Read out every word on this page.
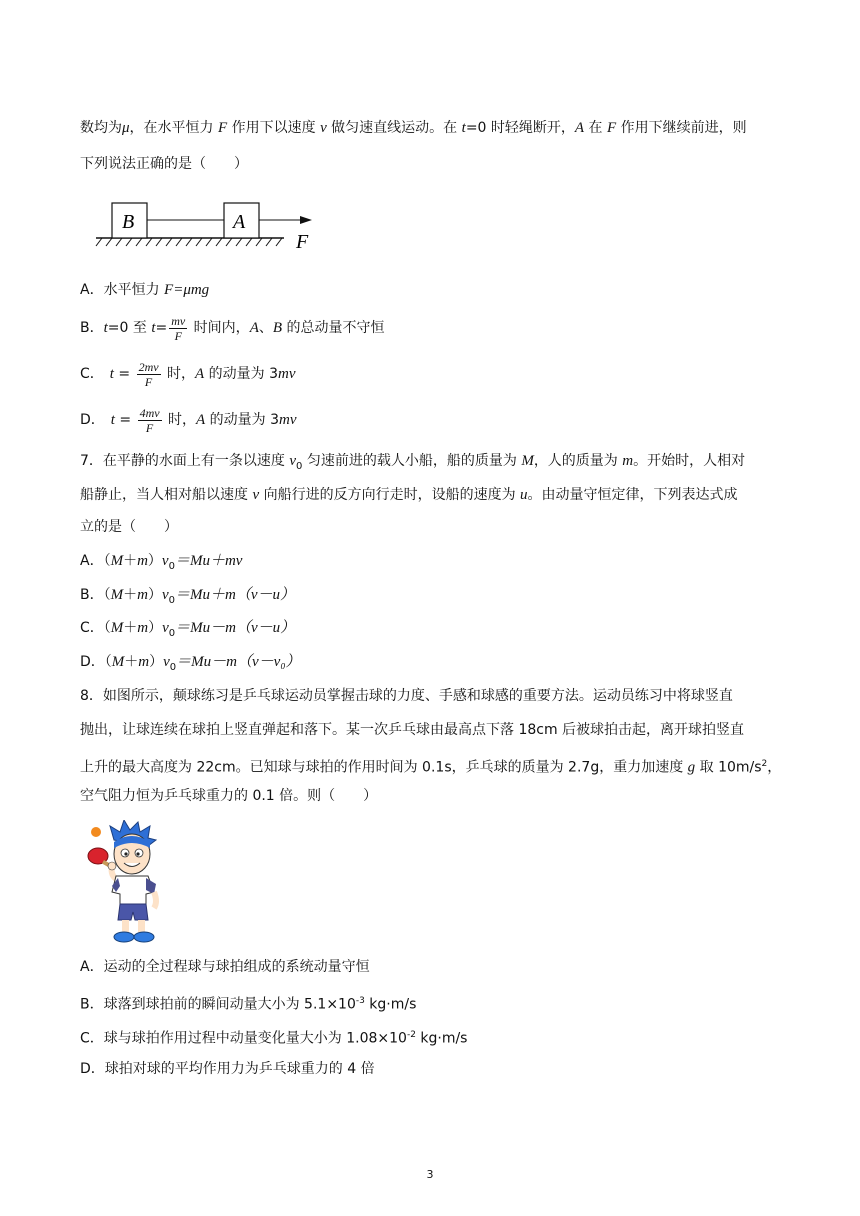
数均为μ，在水平恒力 F 作用下以速度 v 做匀速直线运动。在 t=0 时轻绳断开，A 在 F 作用下继续前进，则
下列说法正确的是（　　）
B	A
F
A．水平恒力 F=μmg
B．t=0 至 $t= \frac{mv}{F}$ 时间内，A、B 的总动量不守恒
C． $t = \frac{2mv}{F}$ 时，A 的动量为 3mv
D． $t = \frac{4mv}{F}$ 时，A 的动量为 3mv
7．在平静的水面上有一条以速度 $v_0$ 匀速前进的载人小船，船的质量为 M，人的质量为 m。开始时，人相对
船静止，当人相对船以速度 v 向船行进的反方向行走时，设船的速度为 u。由动量守恒定律，下列表达式成
立的是（　　）
A．$(M+m)v_0=Mu+mv$
B．$(M+m)v_0=Mu+m(v-u)$
C．$(M+m)v_0=Mu-m(v-u)$
D．$(M+m)v_0=Mu-m(v-v_0)$
8．如图所示，颠球练习是乒乓球运动员掌握击球的力度、手感和球感的重要方法。运动员练习中将球竖直
抛出，让球连续在球拍上竖直弹起和落下。某一次乒乓球由最高点下落 18cm 后被球拍击起，离开球拍竖直
上升的最大高度为 22cm。已知球与球拍的作用时间为 0.1s，乒乓球的质量为 2.7g，重力加速度 g 取 $10m/s^2$，
空气阻力恒为乒乓球重力的 0.1 倍。则（　　）
A．运动的全过程球与球拍组成的系统动量守恒
B．球落到球拍前的瞬间动量大小为 $5.1\times 10^{-3}$ kg·m/s
C．球与球拍作用过程中动量变化量大小为 $1.08\times 10^{-2}$ kg·m/s
D．球拍对球的平均作用力为乒乓球重力的 4 倍
3
